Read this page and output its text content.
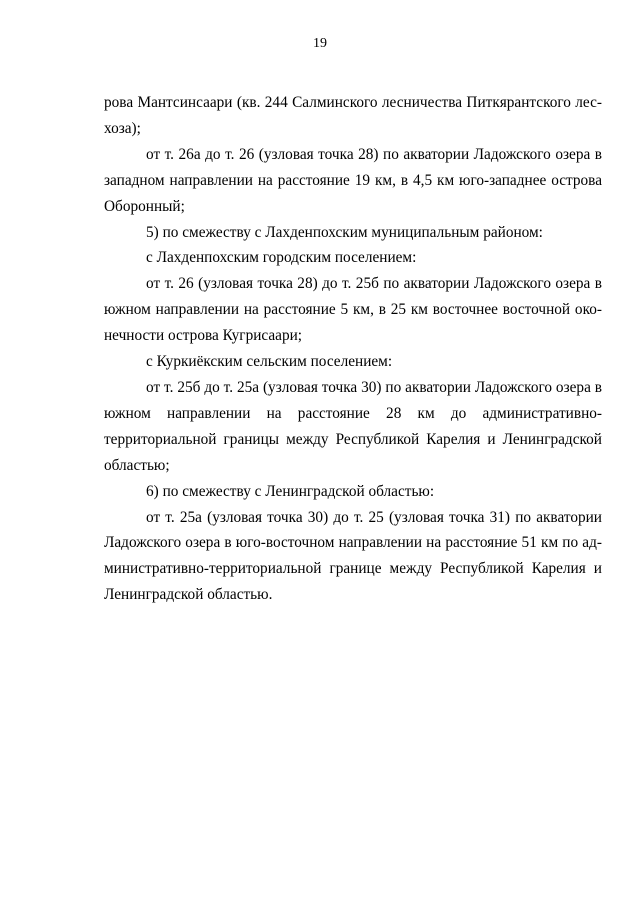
19

рова Мантсинсаари (кв. 244 Салминского лесничества Питкярантского лесхоза);

от т. 26а до т. 26 (узловая точка 28) по акватории Ладожского озера в западном направлении на расстояние 19 км, в 4,5 км юго-западнее острова Оборонный;

5) по смежеству с Лахденпохским муниципальным районом:

с Лахденпохским городским поселением:

от т. 26 (узловая точка 28) до т. 25б по акватории Ладожского озера в южном направлении на расстояние 5 км, в 25 км восточнее восточной оконечности острова Кугрисаари;

с Куркиёкским сельским поселением:

от т. 25б до т. 25а (узловая точка 30) по акватории Ладожского озера в южном направлении на расстояние 28 км до административно-территориальной границы между Республикой Карелия и Ленинградской областью;

6) по смежеству с Ленинградской областью:

от т. 25а (узловая точка 30) до т. 25 (узловая точка 31) по акватории Ладожского озера в юго-восточном направлении на расстояние 51 км по административно-территориальной границе между Республикой Карелия и Ленинградской областью.
